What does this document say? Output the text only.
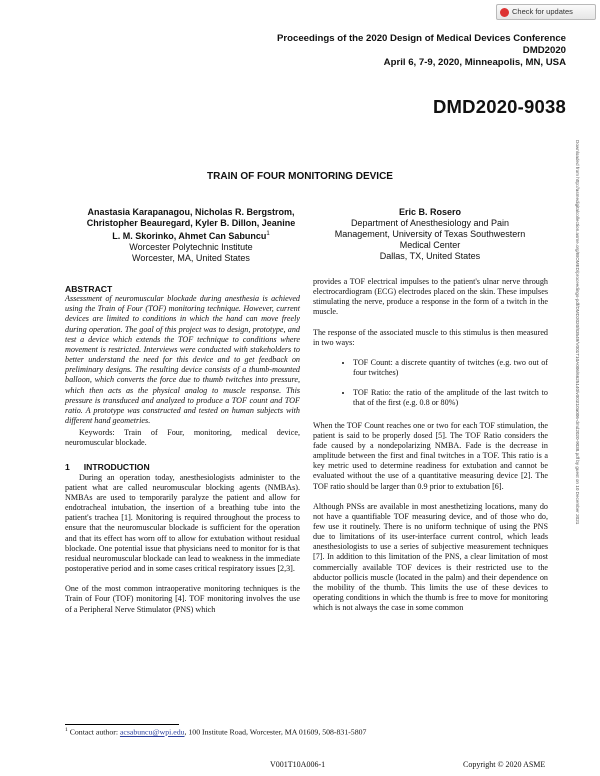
Check for updates
Proceedings of the 2020 Design of Medical Devices Conference
DMD2020
April 6, 7-9, 2020, Minneapolis, MN, USA
DMD2020-9038
Downloaded from http://asmedigitalcollection.asme.org/BIOMED/proceedings-pdf/DMD2020/83549/V001T10A006/6625140/v001t10a006-dmd2020-9038.pdf by guest on 10 December 2021
TRAIN OF FOUR MONITORING DEVICE
Anastasia Karapanagou, Nicholas R. Bergstrom,
Christopher Beauregard, Kyler B. Dillon, Jeanine
L. M. Skorinko, Ahmet Can Sabuncu$^1$
Worcester Polytechnic Institute
Worcester, MA, United States
Eric B. Rosero
Department of Anesthesiology and Pain
Management, University of Texas Southwestern
Medical Center
Dallas, TX, United States

ABSTRACT

Assessment of neuromuscular blockade during anesthesia is achieved using the Train of Four (TOF) monitoring technique. However, current devices are limited to conditions in which the hand can move freely during operation. The goal of this project was to design, prototype, and test a device which extends the TOF technique to conditions where movement is restricted. Interviews were conducted with stakeholders to better understand the need for this device and to get feedback on preliminary designs. The resulting device consists of a thumb-mounted balloon, which converts the force due to thumb twitches into pressure, which then acts as the physical analog to muscle response. This pressure is transduced and analyzed to produce a TOF count and TOF ratio. A prototype was constructed and tested on human subjects with different hand geometries.

Keywords: Train of Four, monitoring, medical device, neuromuscular blockade.

1 INTRODUCTION

During an operation today, anesthesiologists administer to the patient what are called neuromuscular blocking agents (NMBAs). NMBAs are used to temporarily paralyze the patient and allow for endotracheal intubation, the insertion of a breathing tube into the patient's trachea [1]. Monitoring is required throughout the process to ensure that the neuromuscular blockade is sufficient for the operation and that its effect has worn off to allow for extubation without residual blockade. One potential issue that physicians need to monitor for is that residual neuromuscular blockade can lead to weakness in the immediate postoperative period and in some cases critical respiratory issues [2,3].

One of the most common intraoperative monitoring techniques is the Train of Four (TOF) monitoring [4]. TOF monitoring involves the use of a Peripheral Nerve Stimulator (PNS) which

provides a TOF electrical impulses to the patient's ulnar nerve through electrocardiogram (ECG) electrodes placed on the skin. These impulses stimulating the nerve, produce a response in the form of a twitch in the muscle.

The response of the associated muscle to this stimulus is then measured in two ways:

• TOF Count: a discrete quantity of twitches (e.g. two out of four twitches)
• TOF Ratio: the ratio of the amplitude of the last twitch to that of the first (e.g. 0.8 or 80%)

When the TOF Count reaches one or two for each TOF stimulation, the patient is said to be properly dosed [5]. The TOF Ratio considers the fade caused by a nondepolarizing NMBA. Fade is the decrease in amplitude between the first and final twitches in a TOF. This ratio is a key metric used to determine readiness for extubation and cannot be evaluated without the use of a quantitative measuring device [2]. The TOF ratio should be larger than 0.9 prior to extubation [6].

Although PNSs are available in most anesthetizing locations, many do not have a quantifiable TOF measuring device, and of those who do, few use it routinely. There is no uniform technique of using the PNS due to limitations of its user-interface current control, which leads anesthesiologists to use a series of subjective measurement techniques [7]. In addition to this limitation of the PNS, a clear limitation of most commercially available TOF devices is their restricted use to the abductor pollicis muscle (located in the palm) and their dependence on the mobility of the thumb. This limits the use of these devices to operating conditions in which the thumb is free to move for monitoring which is not always the case in some common

$^1$ Contact author: acsabuncu@wpi.edu, 100 Institute Road, Worcester, MA 01609, 508-831-5807
V001T10A006-1	Copyright © 2020 ASME
